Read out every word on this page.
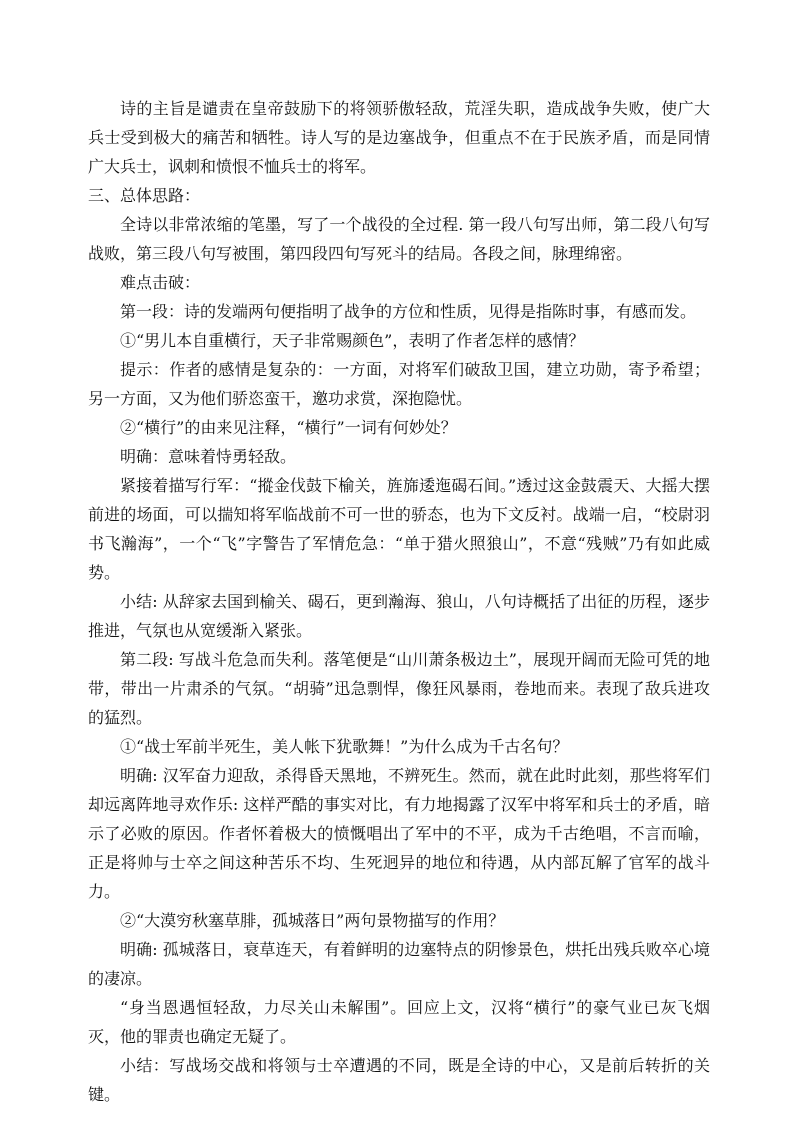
诗的主旨是谴责在皇帝鼓励下的将领骄傲轻敌，荒淫失职，造成战争失败，使广大兵士受到极大的痛苦和牺牲。诗人写的是边塞战争，但重点不在于民族矛盾，而是同情广大兵士，讽刺和愤恨不恤兵士的将军。

三、总体思路：

全诗以非常浓缩的笔墨，写了一个战役的全过程. 第一段八句写出师，第二段八句写战败，第三段八句写被围，第四段四句写死斗的结局。各段之间，脉理绵密。

难点击破：

第一段：诗的发端两句便指明了战争的方位和性质，见得是指陈时事，有感而发。

①“男儿本自重横行，天子非常赐颜色”，表明了作者怎样的感情？

提示：作者的感情是复杂的：一方面，对将军们破敌卫国，建立功勋，寄予希望；另一方面，又为他们骄恣蛮干，邀功求赏，深抱隐忧。

②“横行”的由来见注释，“横行”一词有何妙处？

明确：意味着恃勇轻敌。

紧接着描写行军：“摐金伐鼓下榆关，旌旆逶迤碣石间。”透过这金鼓震天、大摇大摆前进的场面，可以揣知将军临战前不可一世的骄态，也为下文反衬。战端一启，“校尉羽书飞瀚海”，一个“飞”字警告了军情危急：“单于猎火照狼山”，不意“残贼”乃有如此威势。

小结: 从辞家去国到榆关、碣石，更到瀚海、狼山，八句诗概括了出征的历程，逐步推进，气氛也从宽缓渐入紧张。

第二段: 写战斗危急而失利。落笔便是“山川萧条极边土”，展现开阔而无险可凭的地带，带出一片肃杀的气氛。“胡骑”迅急剽悍，像狂风暴雨，卷地而来。表现了敌兵进攻的猛烈。

①“战士军前半死生，美人帐下犹歌舞！”为什么成为千古名句？

明确: 汉军奋力迎敌，杀得昏天黑地，不辨死生。然而，就在此时此刻，那些将军们却远离阵地寻欢作乐: 这样严酷的事实对比，有力地揭露了汉军中将军和兵士的矛盾，暗示了必败的原因。作者怀着极大的愤慨唱出了军中的不平，成为千古绝唱，不言而喻，正是将帅与士卒之间这种苦乐不均、生死迥异的地位和待遇，从内部瓦解了官军的战斗力。

②“大漠穷秋塞草腓，孤城落日”两句景物描写的作用？

明确: 孤城落日，衰草连天，有着鲜明的边塞特点的阴惨景色，烘托出残兵败卒心境的凄凉。

“身当恩遇恒轻敌，力尽关山未解围”。回应上文，汉将“横行”的豪气业已灰飞烟灭，他的罪责也确定无疑了。

小结：写战场交战和将领与士卒遭遇的不同，既是全诗的中心，又是前后转折的关键。
